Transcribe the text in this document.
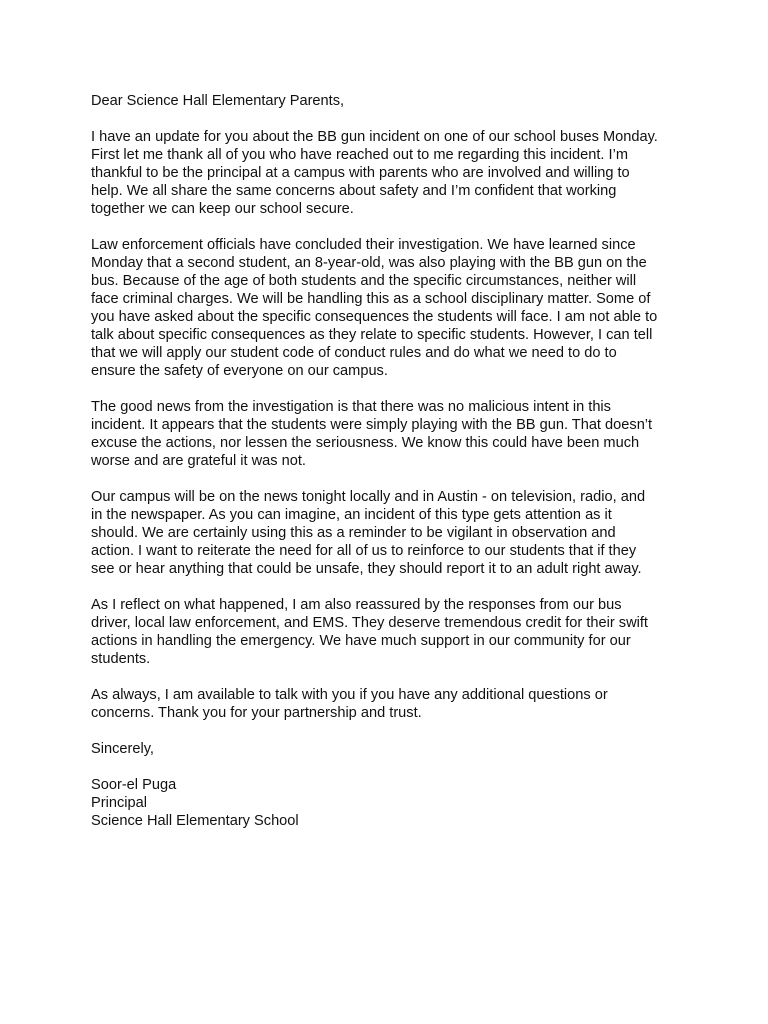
Dear Science Hall Elementary Parents,

I have an update for you about the BB gun incident on one of our school buses Monday.
First let me thank all of you who have reached out to me regarding this incident. I’m
thankful to be the principal at a campus with parents who are involved and willing to
help. We all share the same concerns about safety and I’m confident that working
together we can keep our school secure.

Law enforcement officials have concluded their investigation. We have learned since
Monday that a second student, an 8-year-old, was also playing with the BB gun on the
bus. Because of the age of both students and the specific circumstances, neither will
face criminal charges. We will be handling this as a school disciplinary matter. Some of
you have asked about the specific consequences the students will face. I am not able to
talk about specific consequences as they relate to specific students. However, I can tell
that we will apply our student code of conduct rules and do what we need to do to
ensure the safety of everyone on our campus.

The good news from the investigation is that there was no malicious intent in this
incident. It appears that the students were simply playing with the BB gun. That doesn’t
excuse the actions, nor lessen the seriousness. We know this could have been much
worse and are grateful it was not.

Our campus will be on the news tonight locally and in Austin - on television, radio, and
in the newspaper. As you can imagine, an incident of this type gets attention as it
should. We are certainly using this as a reminder to be vigilant in observation and
action. I want to reiterate the need for all of us to reinforce to our students that if they
see or hear anything that could be unsafe, they should report it to an adult right away.

As I reflect on what happened, I am also reassured by the responses from our bus
driver, local law enforcement, and EMS. They deserve tremendous credit for their swift
actions in handling the emergency. We have much support in our community for our
students.

As always, I am available to talk with you if you have any additional questions or
concerns. Thank you for your partnership and trust.

Sincerely,

Soor-el Puga
Principal
Science Hall Elementary School
